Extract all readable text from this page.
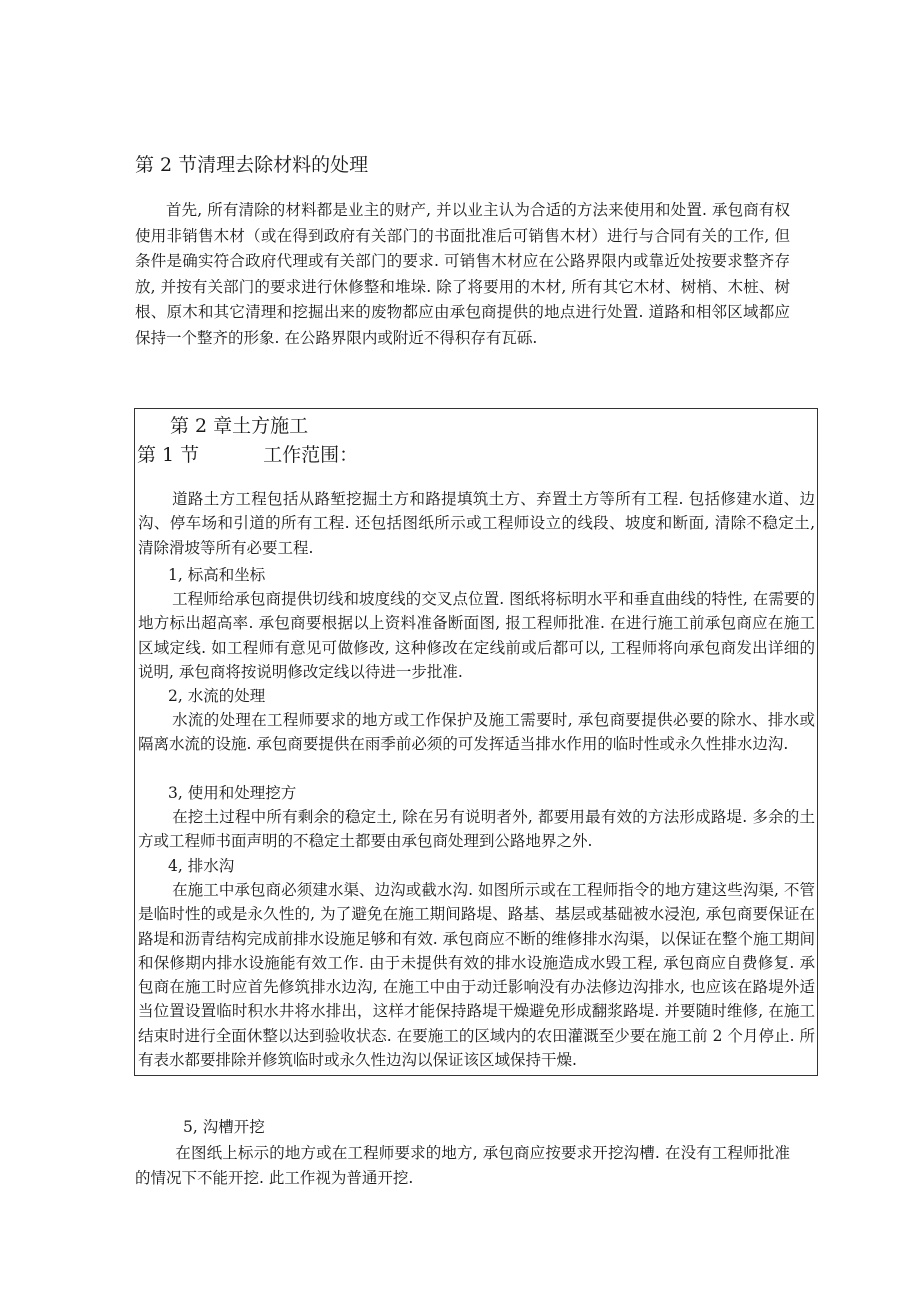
第 2 节清理去除材料的处理
首先, 所有清除的材料都是业主的财产, 并以业主认为合适的方法来使用和处置. 承包商有权使用非销售木材（或在得到政府有关部门的书面批准后可销售木材）进行与合同有关的工作, 但条件是确实符合政府代理或有关部门的要求. 可销售木材应在公路界限内或靠近处按要求整齐存放, 并按有关部门的要求进行休修整和堆垛. 除了将要用的木材, 所有其它木材、树梢、木桩、树根、原木和其它清理和挖掘出来的废物都应由承包商提供的地点进行处置. 道路和相邻区域都应保持一个整齐的形象. 在公路界限内或附近不得积存有瓦砾.
第 2 章土方施工
第 1 节	工作范围：
道路土方工程包括从路堑挖掘土方和路提填筑土方、弃置土方等所有工程. 包括修建水道、边沟、停车场和引道的所有工程. 还包括图纸所示或工程师设立的线段、坡度和断面, 清除不稳定土, 清除滑坡等所有必要工程.
1, 标高和坐标
工程师给承包商提供切线和坡度线的交叉点位置. 图纸将标明水平和垂直曲线的特性, 在需要的地方标出超高率. 承包商要根据以上资料准备断面图, 报工程师批准. 在进行施工前承包商应在施工区域定线. 如工程师有意见可做修改, 这种修改在定线前或后都可以, 工程师将向承包商发出详细的说明, 承包商将按说明修改定线以待进一步批准.
2, 水流的处理
水流的处理在工程师要求的地方或工作保护及施工需要时, 承包商要提供必要的除水、排水或隔离水流的设施. 承包商要提供在雨季前必须的可发挥适当排水作用的临时性或永久性排水边沟.
3, 使用和处理挖方
在挖土过程中所有剩余的稳定土, 除在另有说明者外, 都要用最有效的方法形成路堤. 多余的土方或工程师书面声明的不稳定土都要由承包商处理到公路地界之外.
4, 排水沟
在施工中承包商必须建水渠、边沟或截水沟. 如图所示或在工程师指令的地方建这些沟渠, 不管是临时性的或是永久性的, 为了避免在施工期间路堤、路基、基层或基础被水浸泡, 承包商要保证在路堤和沥青结构完成前排水设施足够和有效. 承包商应不断的维修排水沟渠，以保证在整个施工期间和保修期内排水设施能有效工作. 由于未提供有效的排水设施造成水毁工程, 承包商应自费修复. 承包商在施工时应首先修筑排水边沟, 在施工中由于动迁影响没有办法修边沟排水, 也应该在路堤外适当位置设置临时积水井将水排出，这样才能保持路堤干燥避免形成翻浆路堤. 并要随时维修, 在施工结束时进行全面休整以达到验收状态. 在要施工的区域内的农田灌溉至少要在施工前 2 个月停止. 所有表水都要排除并修筑临时或永久性边沟以保证该区域保持干燥.
5, 沟槽开挖
在图纸上标示的地方或在工程师要求的地方, 承包商应按要求开挖沟槽. 在没有工程师批准的情况下不能开挖. 此工作视为普通开挖.
